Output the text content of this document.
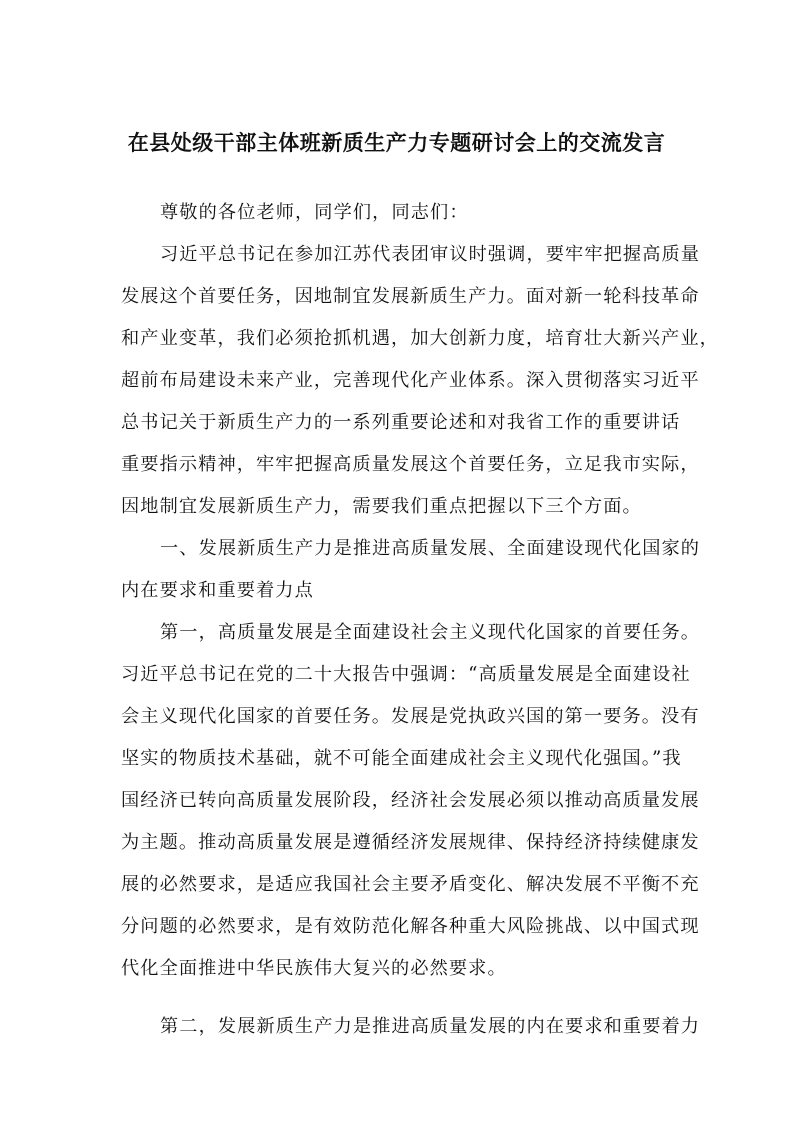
在县处级干部主体班新质生产力专题研讨会上的交流发言

尊敬的各位老师，同学们，同志们：

习近平总书记在参加江苏代表团审议时强调，要牢牢把握高质量

发展这个首要任务，因地制宜发展新质生产力。面对新一轮科技革命

和产业变革，我们必须抢抓机遇，加大创新力度，培育壮大新兴产业，

超前布局建设未来产业，完善现代化产业体系。深入贯彻落实习近平

总书记关于新质生产力的一系列重要论述和对我省工作的重要讲话

重要指示精神，牢牢把握高质量发展这个首要任务，立足我市实际，

因地制宜发展新质生产力，需要我们重点把握以下三个方面。

一、发展新质生产力是推进高质量发展、全面建设现代化国家的

内在要求和重要着力点

第一，高质量发展是全面建设社会主义现代化国家的首要任务。

习近平总书记在党的二十大报告中强调：“高质量发展是全面建设社

会主义现代化国家的首要任务。发展是党执政兴国的第一要务。没有

坚实的物质技术基础，就不可能全面建成社会主义现代化强国。”我

国经济已转向高质量发展阶段，经济社会发展必须以推动高质量发展

为主题。推动高质量发展是遵循经济发展规律、保持经济持续健康发

展的必然要求，是适应我国社会主要矛盾变化、解决发展不平衡不充

分问题的必然要求，是有效防范化解各种重大风险挑战、以中国式现

代化全面推进中华民族伟大复兴的必然要求。

第二，发展新质生产力是推进高质量发展的内在要求和重要着力
